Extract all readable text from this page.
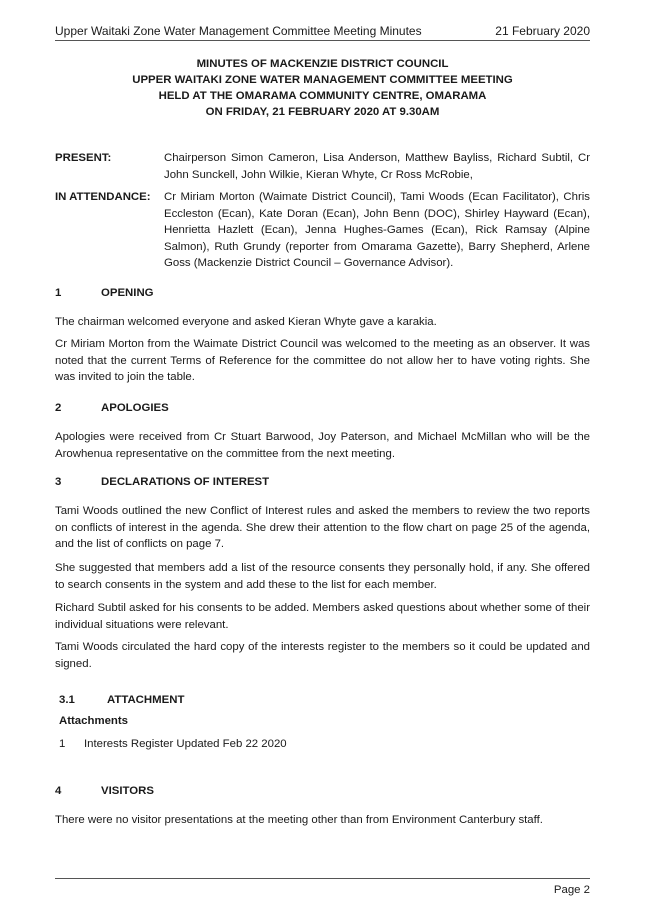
Upper Waitaki Zone Water Management Committee Meeting Minutes	21 February 2020
MINUTES OF MACKENZIE DISTRICT COUNCIL
UPPER WAITAKI ZONE WATER MANAGEMENT COMMITTEE MEETING
HELD AT THE OMARAMA COMMUNITY CENTRE, OMARAMA
ON FRIDAY, 21 FEBRUARY 2020 AT 9.30AM
PRESENT:	Chairperson Simon Cameron, Lisa Anderson, Matthew Bayliss, Richard Subtil, Cr John Sunckell, John Wilkie, Kieran Whyte, Cr Ross McRobie,
IN ATTENDANCE: Cr Miriam Morton (Waimate District Council), Tami Woods (Ecan Facilitator), Chris Eccleston (Ecan), Kate Doran (Ecan), John Benn (DOC), Shirley Hayward (Ecan), Henrietta Hazlett (Ecan), Jenna Hughes-Games (Ecan), Rick Ramsay (Alpine Salmon), Ruth Grundy (reporter from Omarama Gazette), Barry Shepherd, Arlene Goss (Mackenzie District Council – Governance Advisor).
1	OPENING
The chairman welcomed everyone and asked Kieran Whyte gave a karakia.
Cr Miriam Morton from the Waimate District Council was welcomed to the meeting as an observer. It was noted that the current Terms of Reference for the committee do not allow her to have voting rights. She was invited to join the table.
2	APOLOGIES
Apologies were received from Cr Stuart Barwood, Joy Paterson, and Michael McMillan who will be the Arowhenua representative on the committee from the next meeting.
3	DECLARATIONS OF INTEREST
Tami Woods outlined the new Conflict of Interest rules and asked the members to review the two reports on conflicts of interest in the agenda. She drew their attention to the flow chart on page 25 of the agenda, and the list of conflicts on page 7.
She suggested that members add a list of the resource consents they personally hold, if any. She offered to search consents in the system and add these to the list for each member.
Richard Subtil asked for his consents to be added. Members asked questions about whether some of their individual situations were relevant.
Tami Woods circulated the hard copy of the interests register to the members so it could be updated and signed.
3.1	ATTACHMENT
Attachments
1 Interests Register Updated Feb 22 2020
4	VISITORS
There were no visitor presentations at the meeting other than from Environment Canterbury staff.
Page 2
